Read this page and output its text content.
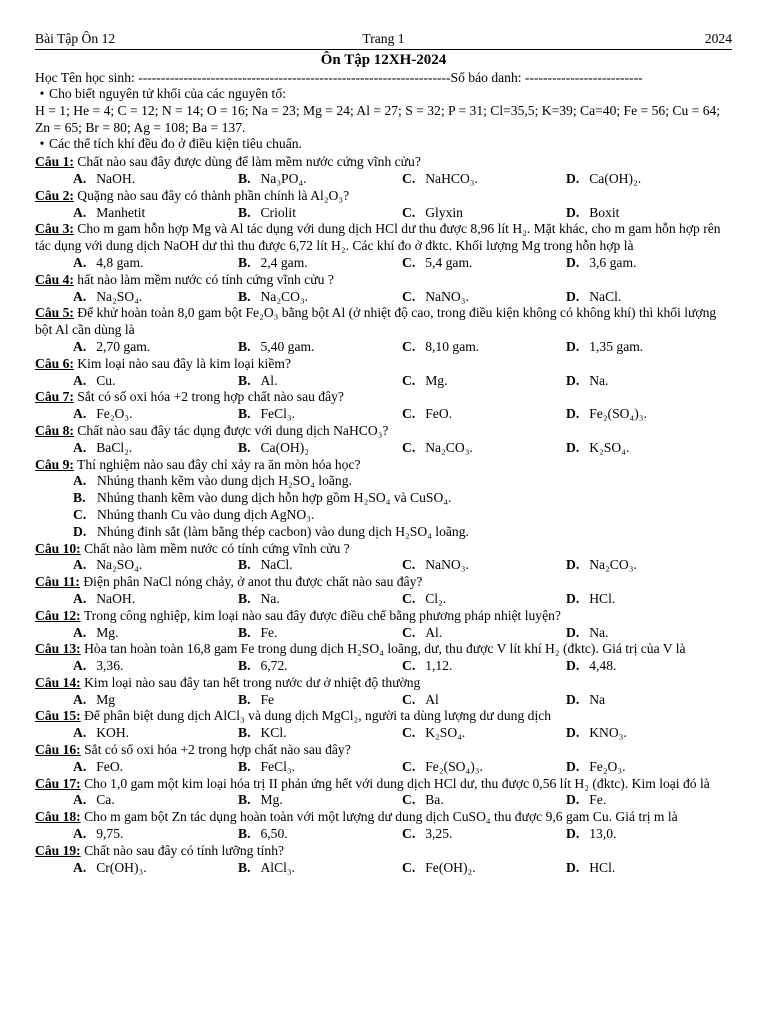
Bài Tập Ôn 12	Trang 1	2024
Ôn Tập 12XH-2024
Học Tên học sinh: ---------------------------------------------------------------------Số báo danh: --------------------------
• Cho biết nguyên tử khối của các nguyên tố:
H = 1; He = 4; C = 12; N = 14; O = 16; Na = 23; Mg = 24; Al = 27; S = 32; P = 31; Cl=35,5; K=39; Ca=40; Fe = 56; Cu = 64; Zn = 65; Br = 80; Ag = 108; Ba = 137.
• Các thể tích khí đều đo ở điều kiện tiêu chuẩn.
Câu 1: Chất nào sau đây được dùng để làm mềm nước cứng vĩnh cửu?
A. NaOH.	B. Na₃PO₄.	C. NaHCO₃.	D. Ca(OH)₂.
Câu 2: Quặng nào sau đây có thành phần chính là Al₂O₃?
A. Manhetit	B. Criolit	C. Glyxin	D. Boxit
Câu 3: Cho m gam hỗn hợp Mg và Al tác dụng với dung dịch HCl dư thu được 8,96 lít H₂. Mặt khác, cho m gam hỗn hợp rên tác dụng với dung dịch NaOH dư thì thu được 6,72 lít H₂. Các khí đo ở đktc. Khối lượng Mg trong hỗn hợp là
A. 4,8 gam.	B. 2,4 gam.	C. 5,4 gam.	D. 3,6 gam.
Câu 4: hất nào làm mềm nước có tính cứng vĩnh cửu ?
A. Na₂SO₄.	B. Na₂CO₃.	C. NaNO₃.	D. NaCl.
Câu 5: Để khử hoàn toàn 8,0 gam bột Fe₂O₃ bằng bột Al (ở nhiệt độ cao, trong điều kiện không có không khí) thì khối lượng bột Al cần dùng là
A. 2,70 gam.	B. 5,40 gam.	C. 8,10 gam.	D. 1,35 gam.
Câu 6: Kim loại nào sau đây là kim loại kiềm?
A. Cu.	B. Al.	C. Mg.	D. Na.
Câu 7: Sắt có số oxi hóa +2 trong hợp chất nào sau đây?
A. Fe₂O₃.	B. FeCl₃.	C. FeO.	D. Fe₂(SO₄)₃.
Câu 8: Chất nào sau đây tác dụng được với dung dịch NaHCO₃?
A. BaCl₂.	B. Ca(OH)₂	C. Na₂CO₃.	D. K₂SO₄.
Câu 9: Thí nghiệm nào sau đây chỉ xảy ra ăn mòn hóa học?
A. Nhúng thanh kẽm vào dung dịch H₂SO₄ loãng.
B. Nhúng thanh kẽm vào dung dịch hỗn hợp gồm H₂SO₄ và CuSO₄.
C. Nhúng thanh Cu vào dung dịch AgNO₃.
D. Nhúng đinh sắt (làm bằng thép cacbon) vào dung dịch H₂SO₄ loãng.
Câu 10: Chất nào làm mềm nước có tính cứng vĩnh cửu ?
A. Na₂SO₄.	B. NaCl.	C. NaNO₃.	D. Na₂CO₃.
Câu 11: Điện phân NaCl nóng chảy, ở anot thu được chất nào sau đây?
A. NaOH.	B. Na.	C. Cl₂.	D. HCl.
Câu 12: Trong công nghiệp, kim loại nào sau đây được điều chế bằng phương pháp nhiệt luyện?
A. Mg.	B. Fe.	C. Al.	D. Na.
Câu 13: Hòa tan hoàn toàn 16,8 gam Fe trong dung dịch H₂SO₄ loãng, dư, thu được V lít khí H₂ (đktc). Giá trị của V là
A. 3,36.	B. 6,72.	C. 1,12.	D. 4,48.
Câu 14: Kim loại nào sau đây tan hết trong nước dư ở nhiệt độ thường
A. Mg	B. Fe	C. Al	D. Na
Câu 15: Để phân biệt dung dịch AlCl₃ và dung dịch MgCl₂, người ta dùng lượng dư dung dịch
A. KOH.	B. KCl.	C. K₂SO₄.	D. KNO₃.
Câu 16: Sắt có số oxi hóa +2 trong hợp chất nào sau đây?
A. FeO.	B. FeCl₃.	C. Fe₂(SO₄)₃.	D. Fe₂O₃.
Câu 17: Cho 1,0 gam một kim loại hóa trị II phản ứng hết với dung dịch HCl dư, thu được 0,56 lít H₂ (đktc). Kim loại đó là
A. Ca.	B. Mg.	C. Ba.	D. Fe.
Câu 18: Cho m gam bột Zn tác dụng hoàn toàn với một lượng dư dung dịch CuSO₄ thu được 9,6 gam Cu. Giá trị m là
A. 9,75.	B. 6,50.	C. 3,25.	D. 13,0.
Câu 19: Chất nào sau đây có tính lưỡng tính?
A. Cr(OH)₃.	B. AlCl₃.	C. Fe(OH)₂.	D. HCl.
